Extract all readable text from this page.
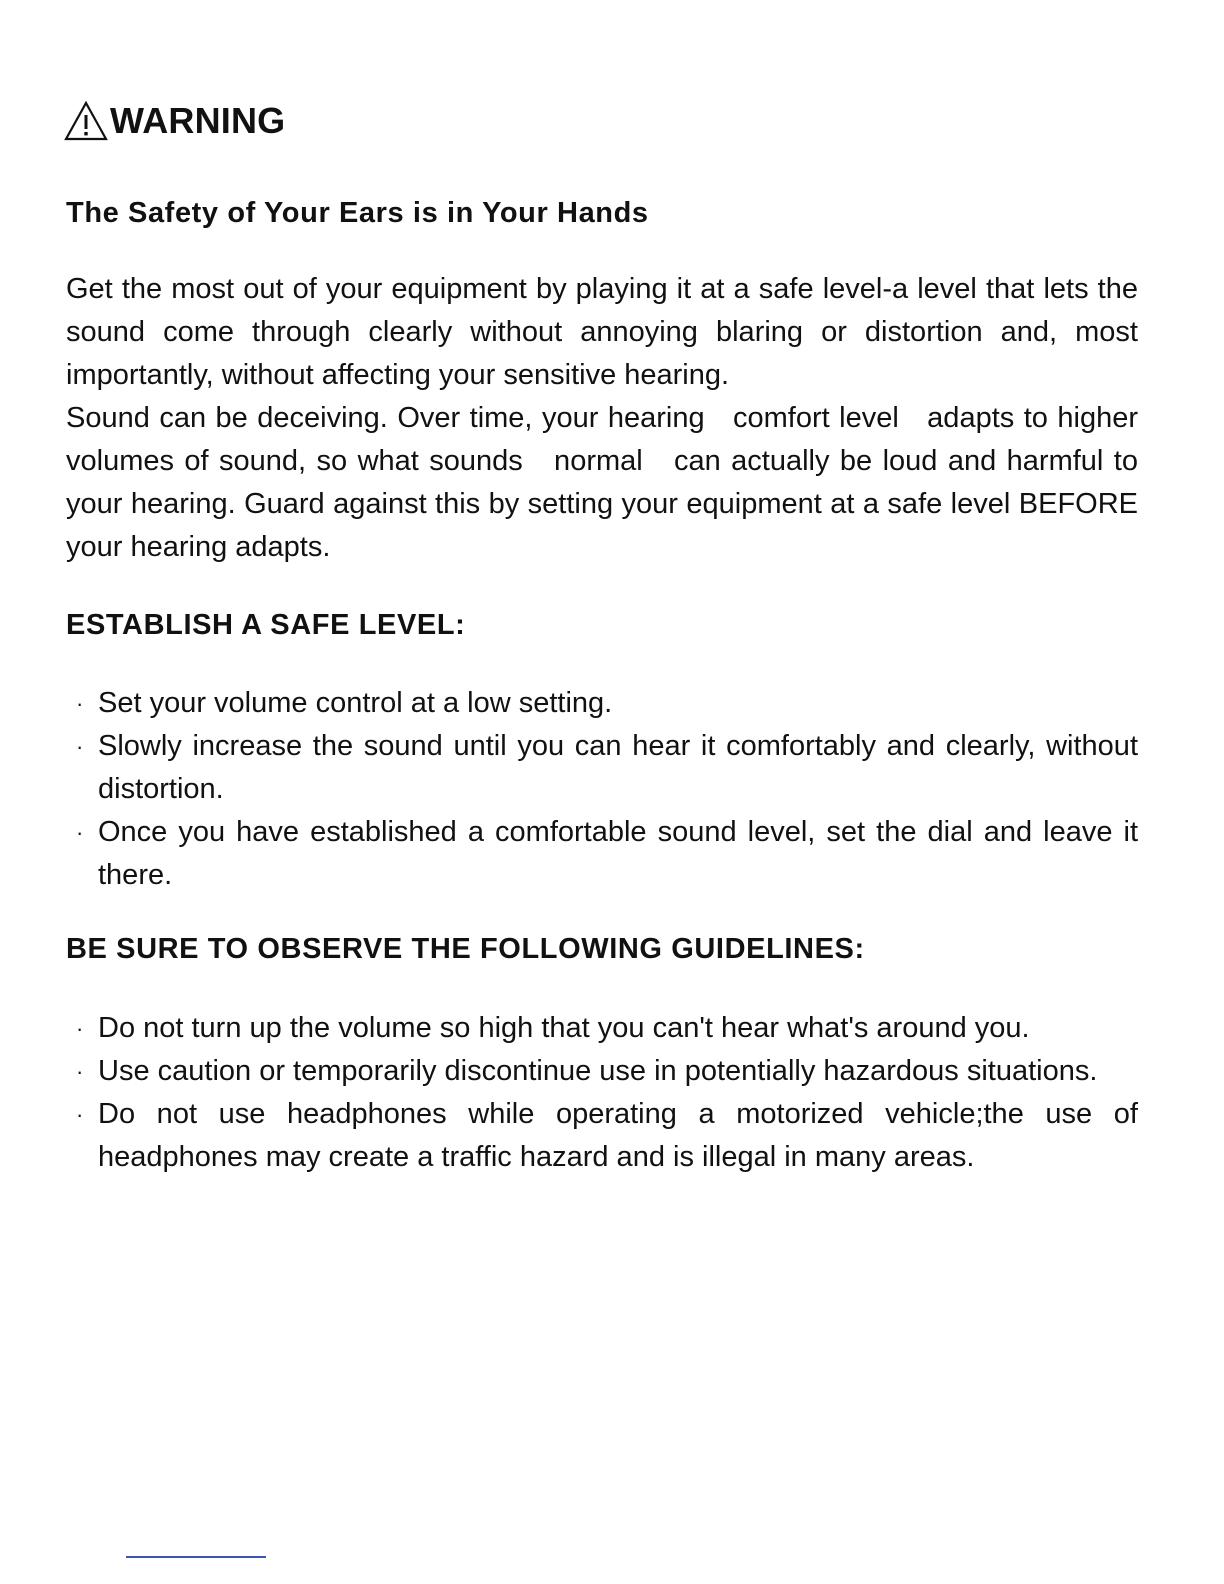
WARNING
The Safety of Your Ears is in Your Hands

Get the most out of your equipment by playing it at a safe level-a level that lets the sound come through clearly without annoying blaring or distortion and, most importantly, without affecting your sensitive hearing.

Sound can be deceiving. Over time, your hearing   comfort level   adapts to higher volumes of sound, so what sounds   normal   can actually be loud and harmful to your hearing. Guard against this by setting your equipment at a safe level BEFORE your hearing adapts.

ESTABLISH A SAFE LEVEL:
· Set your volume control at a low setting.
· Slowly increase the sound until you can hear it comfortably and clearly, without distortion.
· Once you have established a comfortable sound level, set the dial and leave it there.
BE SURE TO OBSERVE THE FOLLOWING GUIDELINES:
· Do not turn up the volume so high that you can't hear what's around you.
· Use caution or temporarily discontinue use in potentially hazardous situations.
· Do not use headphones while operating a motorized vehicle;the use of headphones may create a traffic hazard and is illegal in many areas.
